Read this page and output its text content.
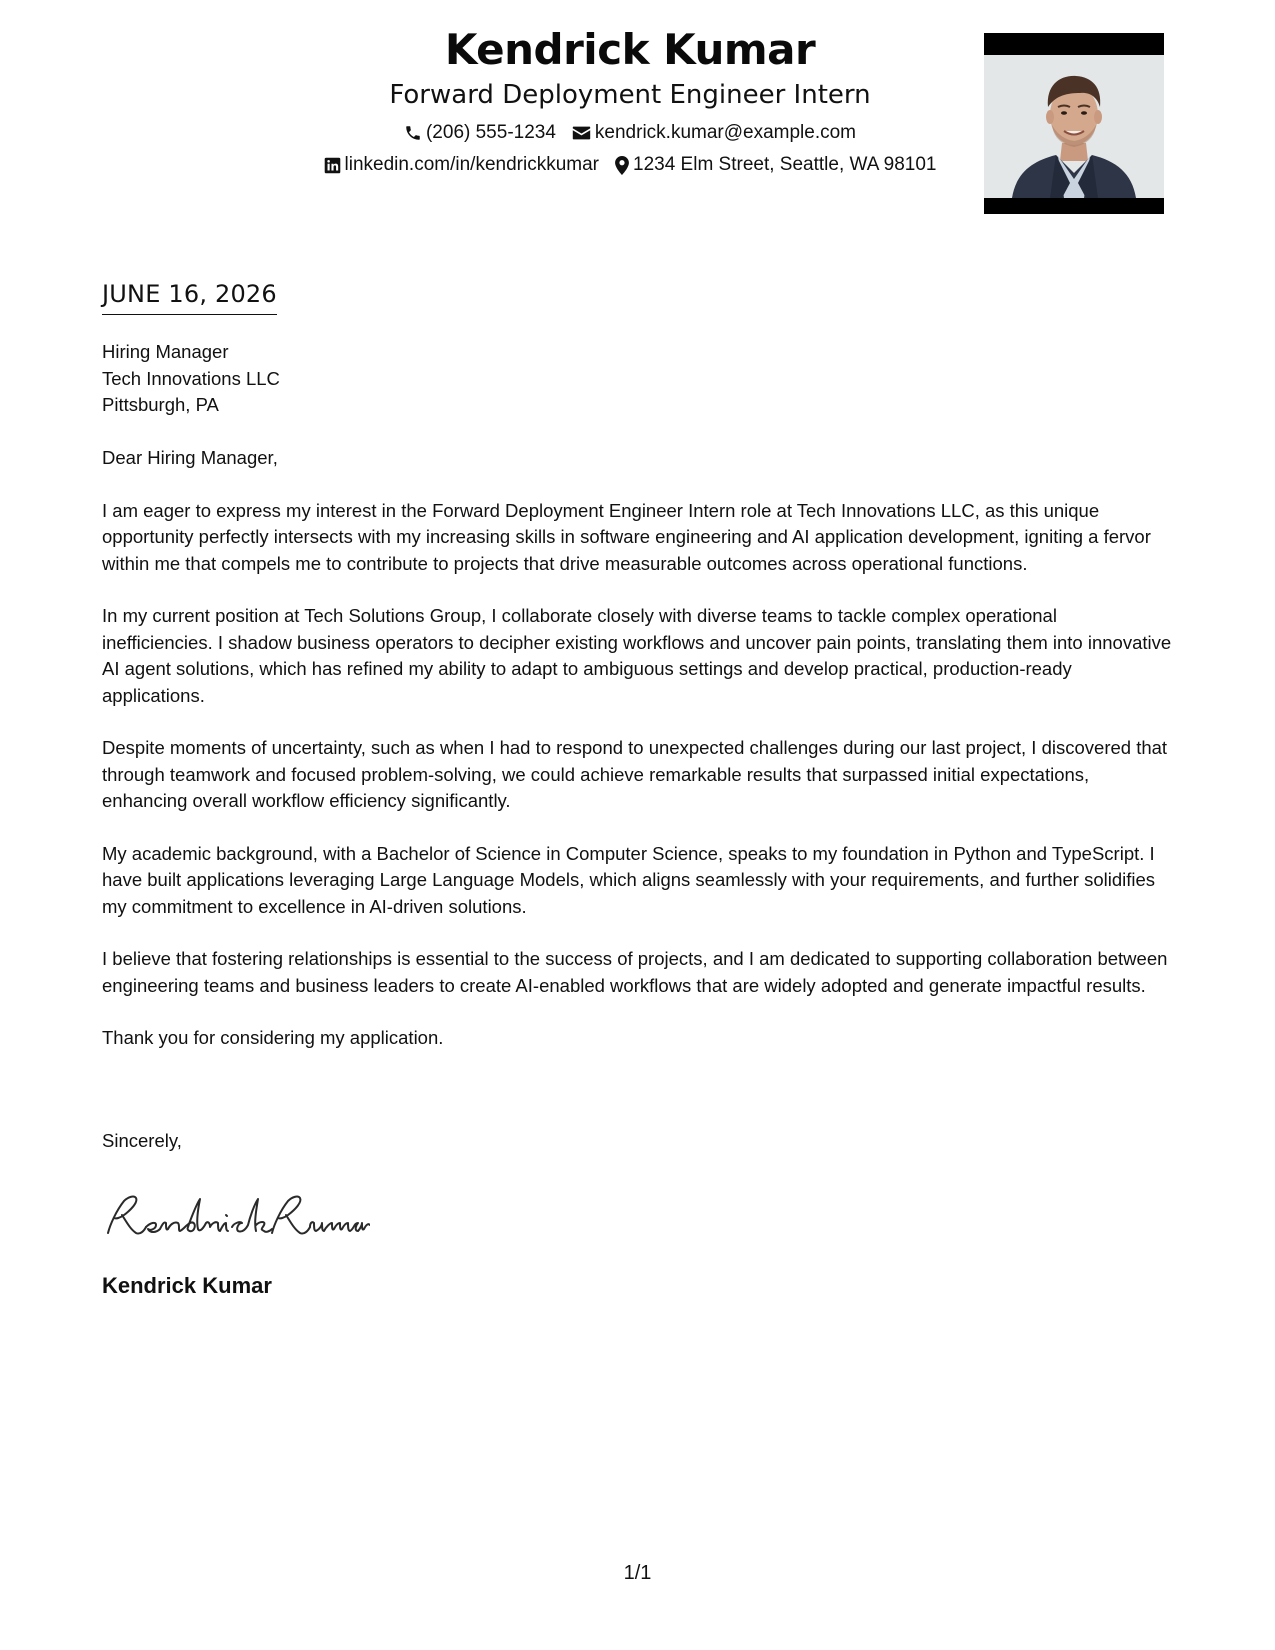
Kendrick Kumar
Forward Deployment Engineer Intern
(206) 555-1234 kendrick.kumar@example.com
linkedin.com/in/kendrickkumar 1234 Elm Street, Seattle, WA 98101
JUNE 16, 2026
Hiring Manager
Tech Innovations LLC
Pittsburgh, PA

Dear Hiring Manager,

I am eager to express my interest in the Forward Deployment Engineer Intern role at Tech Innovations LLC, as this unique opportunity perfectly intersects with my increasing skills in software engineering and AI application development, igniting a fervor within me that compels me to contribute to projects that drive measurable outcomes across operational functions.

In my current position at Tech Solutions Group, I collaborate closely with diverse teams to tackle complex operational inefficiencies. I shadow business operators to decipher existing workflows and uncover pain points, translating them into innovative AI agent solutions, which has refined my ability to adapt to ambiguous settings and develop practical, production-ready applications.

Despite moments of uncertainty, such as when I had to respond to unexpected challenges during our last project, I discovered that through teamwork and focused problem-solving, we could achieve remarkable results that surpassed initial expectations, enhancing overall workflow efficiency significantly.

My academic background, with a Bachelor of Science in Computer Science, speaks to my foundation in Python and TypeScript. I have built applications leveraging Large Language Models, which aligns seamlessly with your requirements, and further solidifies my commitment to excellence in AI-driven solutions.

I believe that fostering relationships is essential to the success of projects, and I am dedicated to supporting collaboration between engineering teams and business leaders to create AI-enabled workflows that are widely adopted and generate impactful results.

Thank you for considering my application.

Sincerely,
Kendrick Kumar
1/1
